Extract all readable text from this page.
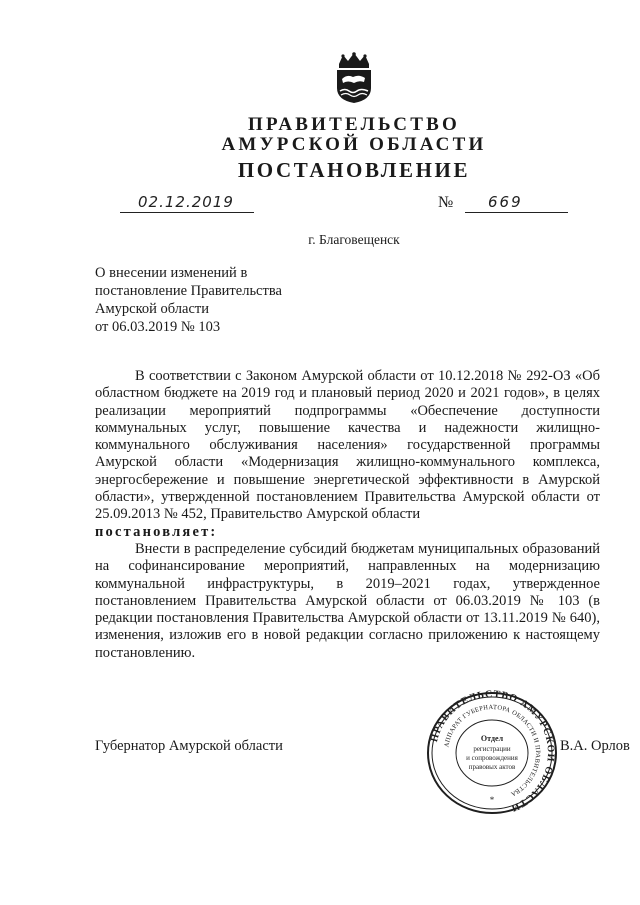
ПРАВИТЕЛЬСТВО
АМУРСКОЙ ОБЛАСТИ
ПОСТАНОВЛЕНИЕ
02.12.2019	№ 669
г. Благовещенск
О внесении изменений в
постановление Правительства
Амурской области
от 06.03.2019 № 103

В соответствии с Законом Амурской области от 10.12.2018 № 292-ОЗ «Об областном бюджете на 2019 год и плановый период 2020 и 2021 годов», в целях реализации мероприятий подпрограммы «Обеспечение доступности коммунальных услуг, повышение качества и надежности жилищно-коммунального обслуживания населения» государственной программы Амурской области «Модернизация жилищно-коммунального комплекса, энергосбережение и повышение энергетической эффективности в Амурской области», утвержденной постановлением Правительства Амурской области от 25.09.2013 № 452, Правительство Амурской области

постановляет:

Внести в распределение субсидий бюджетам муниципальных образований на софинансирование мероприятий, направленных на модернизацию коммунальной инфраструктуры, в 2019–2021 годах, утвержденное постановлением Правительства Амурской области от 06.03.2019 № 103 (в редакции постановления Правительства Амурской области от 13.11.2019 № 640), изменения, изложив его в новой редакции согласно приложению к настоящему постановлению.

Губернатор Амурской области	В.А. Орлов
ПРАВИТЕЛЬСТВО АМУРСКОЙ ОБЛАСТИ
АППАРАТ ГУБЕРНАТОРА ОБЛАСТИ И ПРАВИТЕЛЬСТВА
Отдел
регистрации
и сопровождения
правовых актов
*
